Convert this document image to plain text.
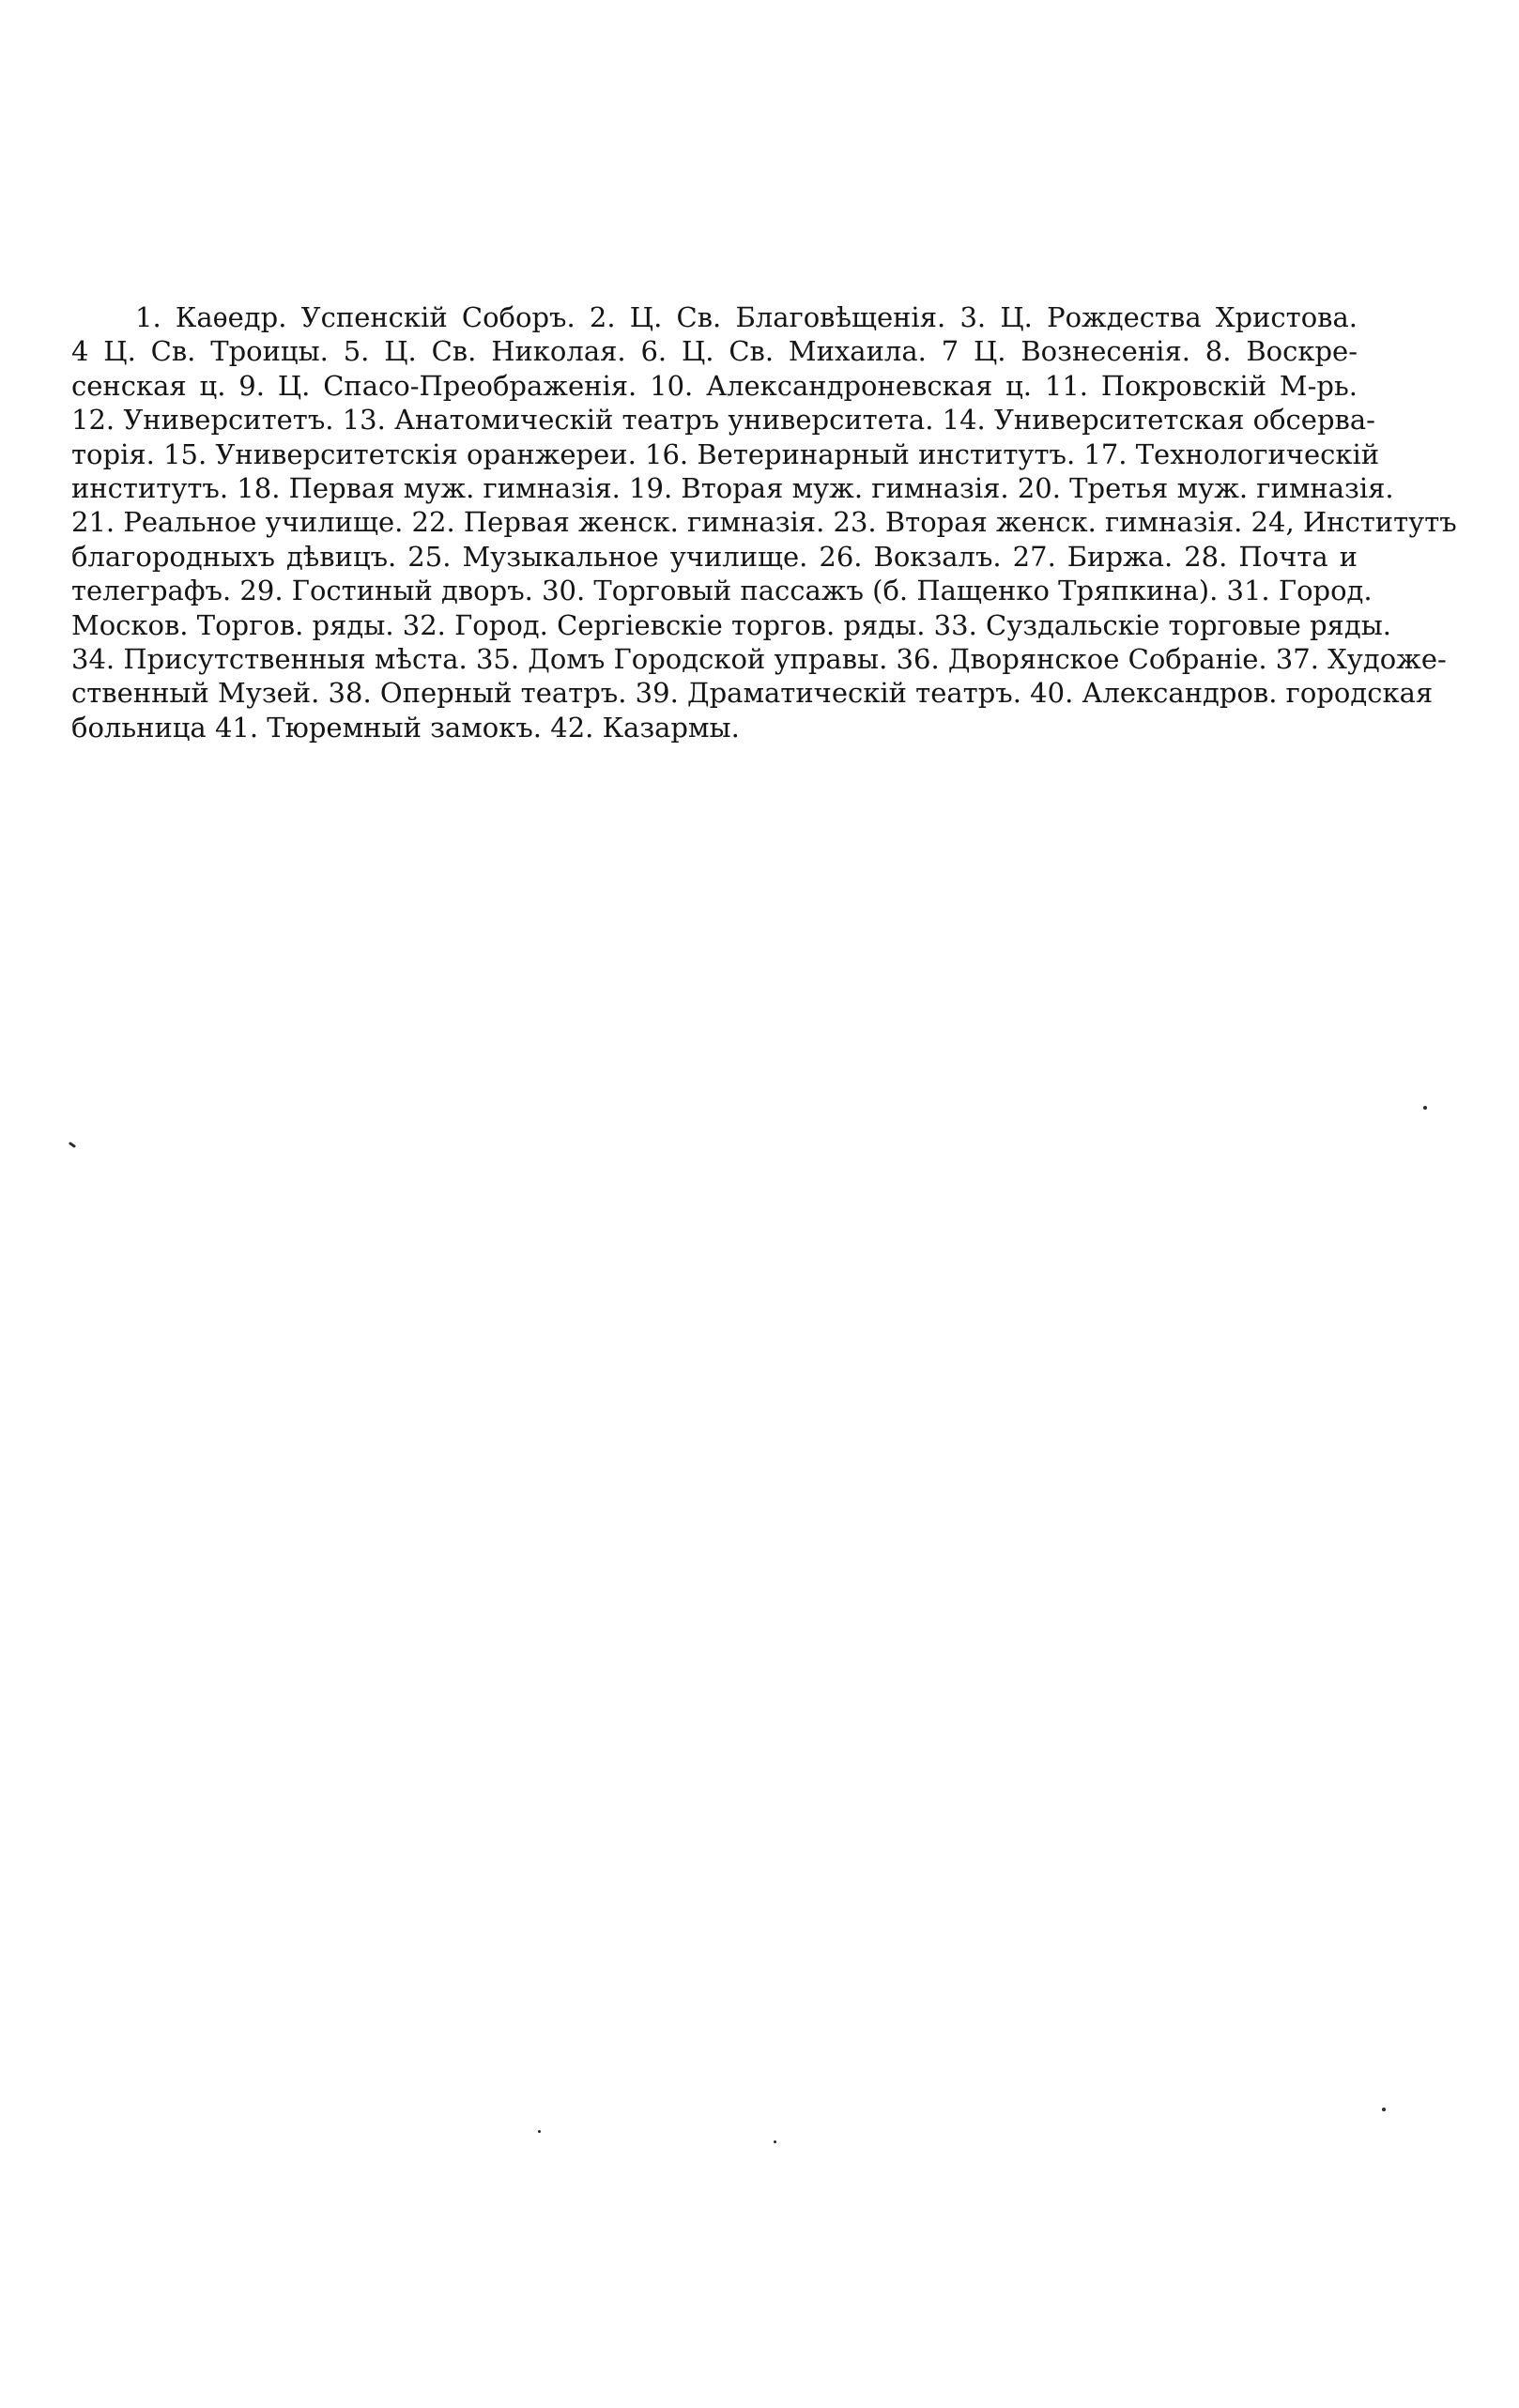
1. Каѳедр. Успенскій Соборъ. 2. Ц. Св. Благовѣщенія. 3. Ц. Рождества Христова.
4 Ц. Св. Троицы. 5. Ц. Св. Николая. 6. Ц. Св. Михаила. 7 Ц. Вознесенія. 8. Воскре-
сенская ц. 9. Ц. Спасо-Преображенія. 10. Александроневская ц. 11. Покровскій М-рь.
12. Университетъ. 13. Анатомическій театръ университета. 14. Университетская обсерва-
торія. 15. Университетскія оранжереи. 16. Ветеринарный институтъ. 17. Технологическій
институтъ. 18. Первая муж. гимназія. 19. Вторая муж. гимназія. 20. Третья муж. гимназія.
21. Реальное училище. 22. Первая женск. гимназія. 23. Вторая женск. гимназія. 24, Институтъ
благородныхъ дѣвицъ. 25. Музыкальное училище. 26. Вокзалъ. 27. Биржа. 28. Почта и
телеграфъ. 29. Гостиный дворъ. 30. Торговый пассажъ (б. Пащенко Тряпкина). 31. Город.
Москов. Торгов. ряды. 32. Город. Сергіевскіе торгов. ряды. 33. Суздальскіе торговые ряды.
34. Присутственныя мѣста. 35. Домъ Городской управы. 36. Дворянское Собраніе. 37. Художе-
ственный Музей. 38. Оперный театръ. 39. Драматическій театръ. 40. Александров. городская
больница 41. Тюремный замокъ. 42. Казармы.
